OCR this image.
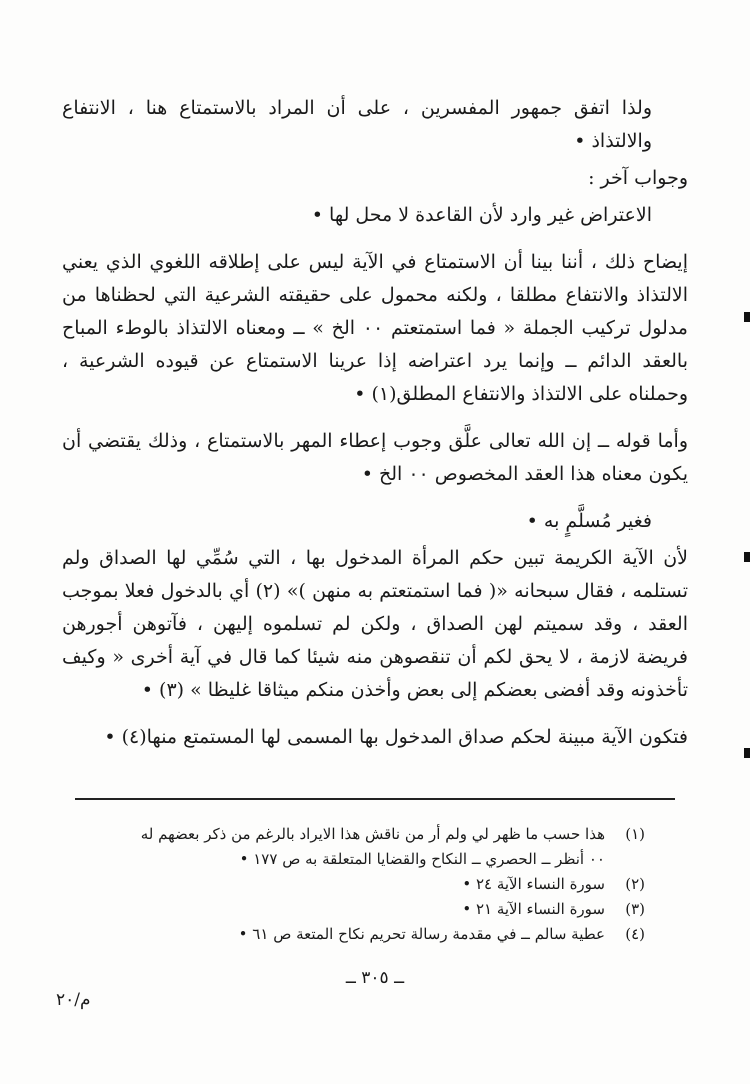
ولذا اتفق جمهور المفسرين ، على أن المراد بالاستمتاع هنا ، الانتفاع والالتذاذ •

وجواب آخر :

الاعتراض غير وارد لأن القاعدة لا محل لها •

إيضاح ذلك ، أننا بينا أن الاستمتاع في الآية ليس على إطلاقه اللغوي الذي يعني الالتذاذ والانتفاع مطلقا ، ولكنه محمول على حقيقته الشرعية التي لحظناها من مدلول تركيب الجملة « فما استمتعتم ٠٠ الخ » ــ ومعناه الالتذاذ بالوطء المباح بالعقد الدائم ــ وإنما يرد اعتراضه إذا عرينا الاستمتاع عن قيوده الشرعية ، وحملناه على الالتذاذ والانتفاع المطلق(١) •

وأما قوله ــ إن الله تعالى علَّق وجوب إعطاء المهر بالاستمتاع ، وذلك يقتضي أن يكون معناه هذا العقد المخصوص ٠٠ الخ •

فغير مُسلَّمٍ به •

لأن الآية الكريمة تبين حكم المرأة المدخول بها ، التي سُمِّي لها الصداق ولم تستلمه ، فقال سبحانه «( فما استمتعتم به منهن )» (٢) أي بالدخول فعلا بموجب العقد ، وقد سميتم لهن الصداق ، ولكن لم تسلموه إليهن ، فآتوهن أجورهن فريضة لازمة ، لا يحق لكم أن تنقصوهن منه شيئا كما قال في آية أخرى « وكيف تأخذونه وقد أفضى بعضكم إلى بعض وأخذن منكم ميثاقا غليظا » (٣) •

فتكون الآية مبينة لحكم صداق المدخول بها المسمى لها المستمتع منها(٤) •

(١)
هذا حسب ما ظهر لي ولم أر من ناقش هذا الايراد بالرغم من ذكر بعضهم له ٠٠ أنظر ــ الحصري ــ النكاح والقضايا المتعلقة به ص ١٧٧ •
(٢)
سورة النساء الآية ٢٤ •
(٣)
سورة النساء الآية ٢١ •
(٤)
عطية سالم ــ في مقدمة رسالة تحريم نكاح المتعة ص ٦١ •
ــ ٣٠٥ ــ
م/٢٠
